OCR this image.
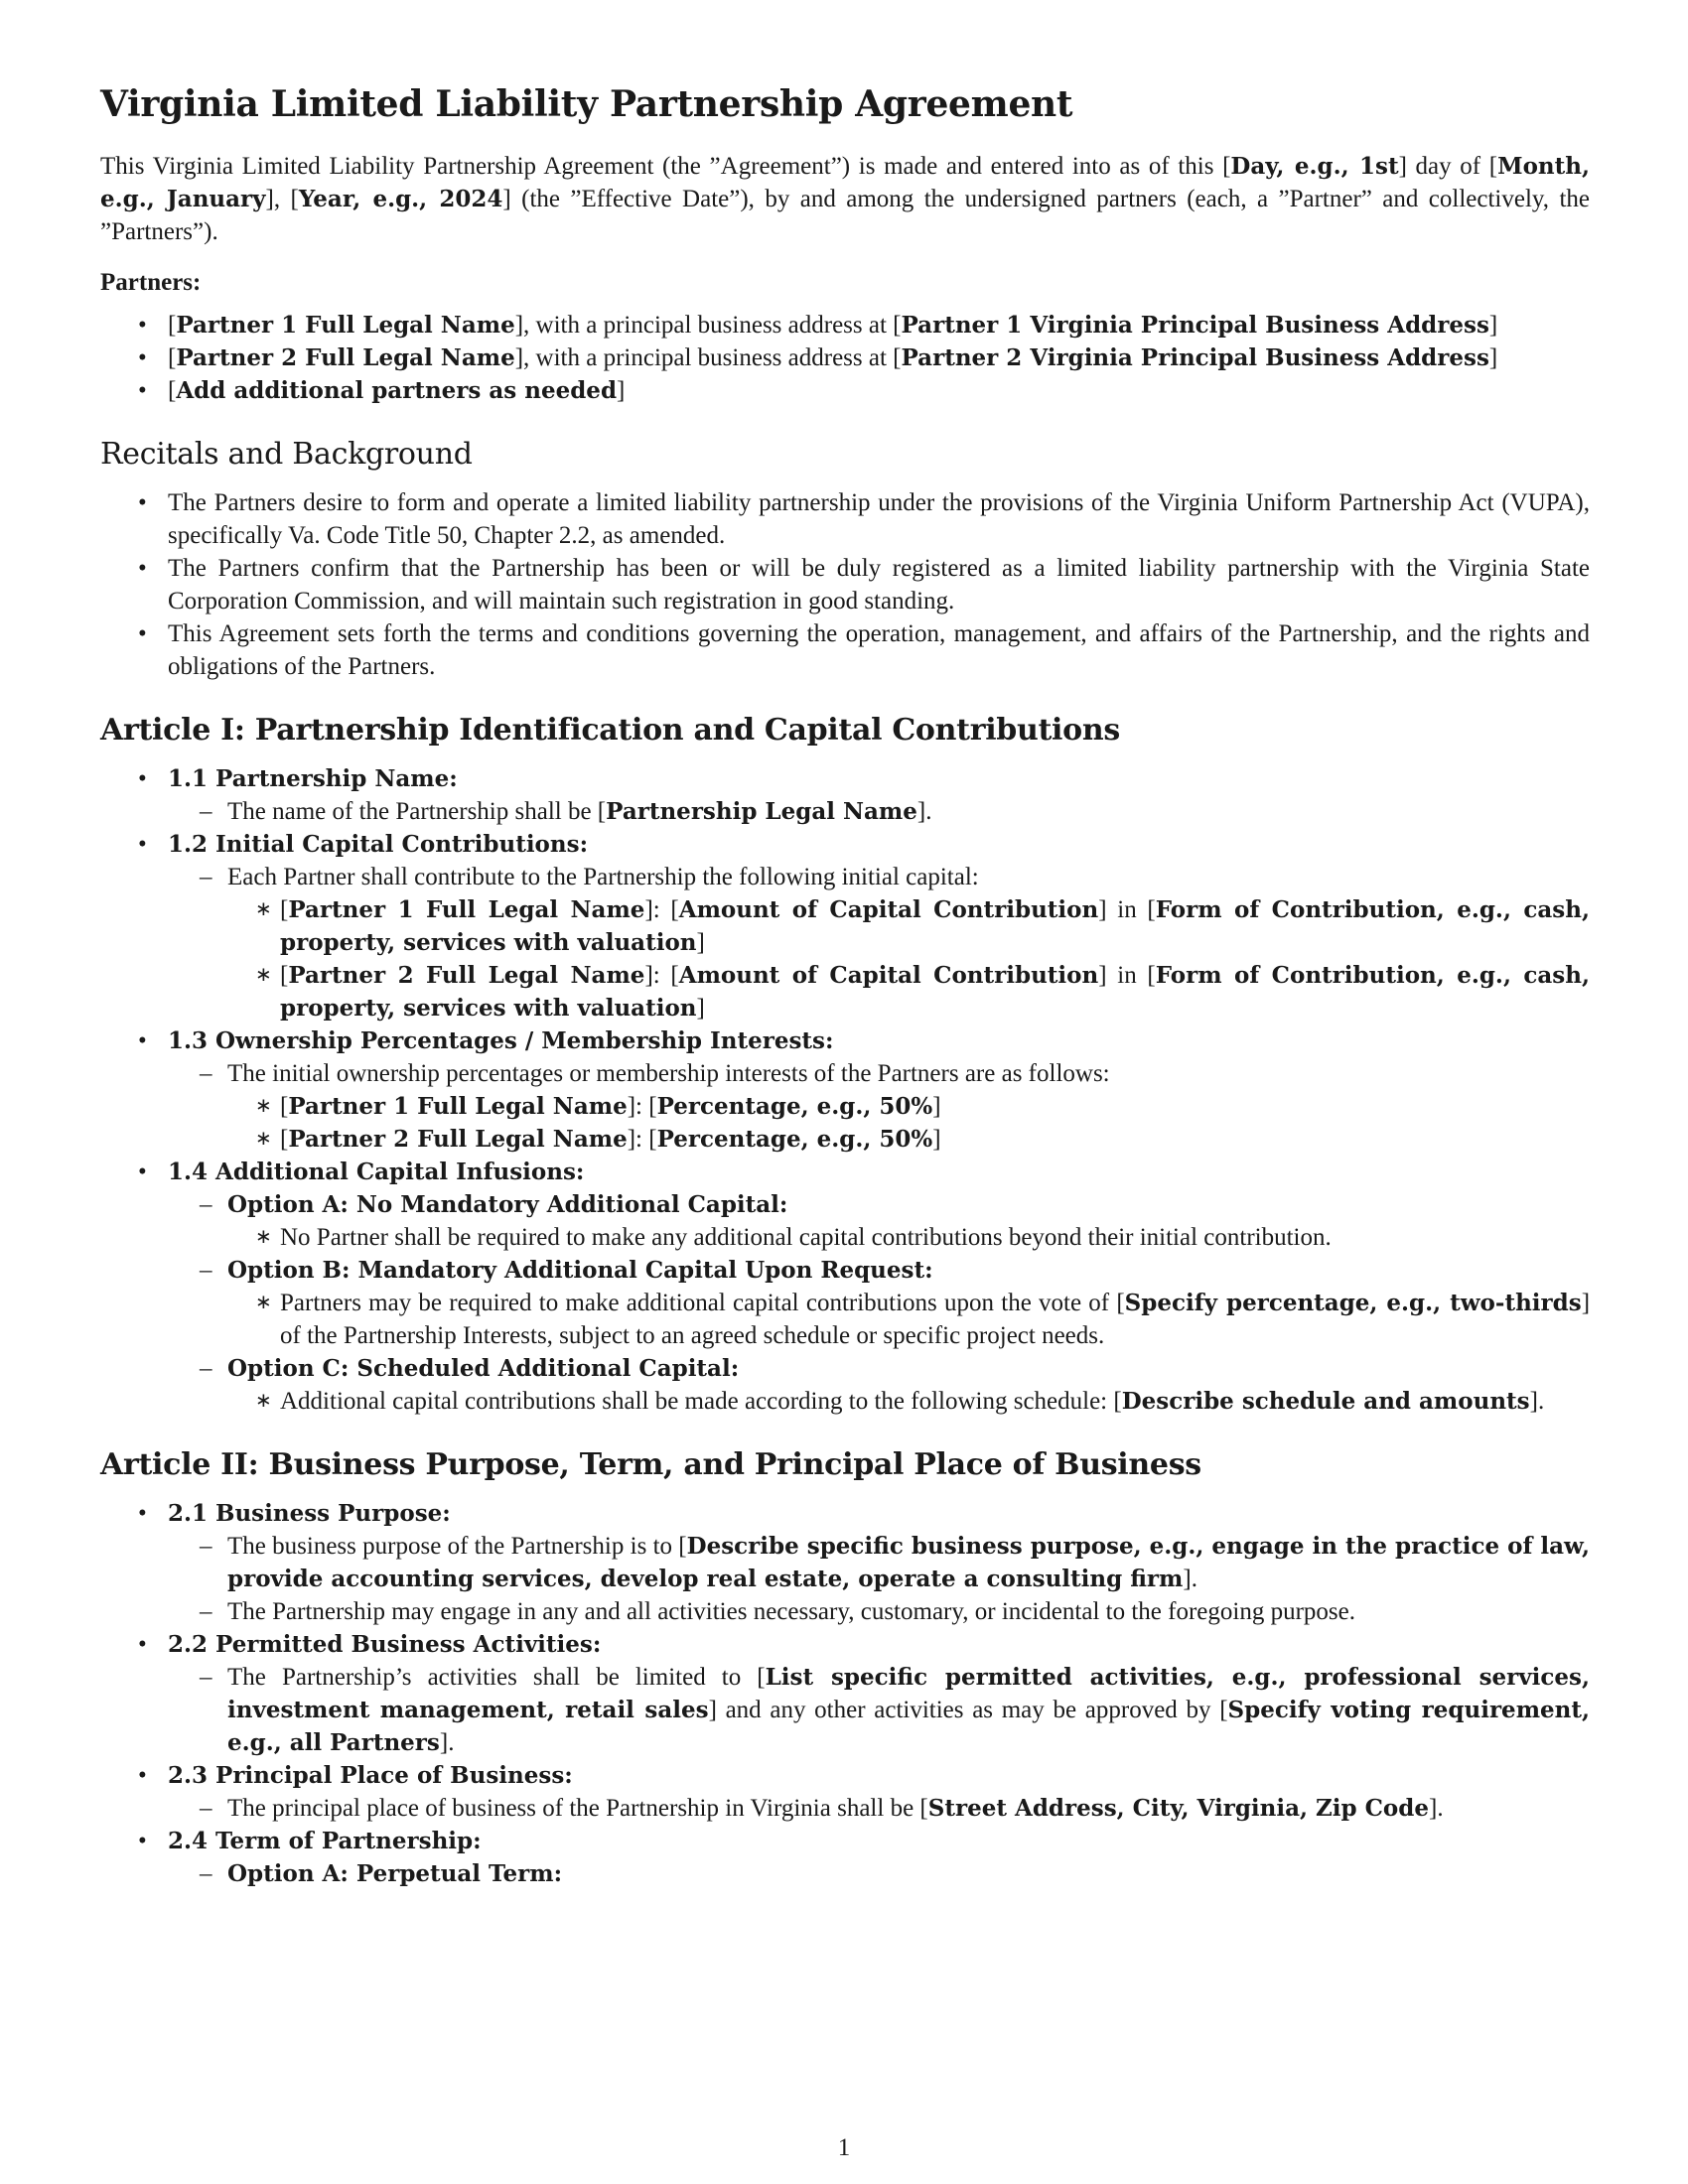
Virginia Limited Liability Partnership Agreement

This Virginia Limited Liability Partnership Agreement (the ”Agreement”) is made and entered into as of this [Day, e.g., 1st] day of [Month, e.g., January], [Year, e.g., 2024] (the ”Effective Date”), by and among the undersigned partners (each, a ”Partner” and collectively, the ”Partners”).

Partners:
• [Partner 1 Full Legal Name], with a principal business address at [Partner 1 Virginia Principal Business Address]
• [Partner 2 Full Legal Name], with a principal business address at [Partner 2 Virginia Principal Business Address]
• [Add additional partners as needed]
Recitals and Background
• The Partners desire to form and operate a limited liability partnership under the provisions of the Virginia Uniform Partnership Act (VUPA), specifically Va. Code Title 50, Chapter 2.2, as amended.
• The Partners confirm that the Partnership has been or will be duly registered as a limited liability partnership with the Virginia State Corporation Commission, and will maintain such registration in good standing.
• This Agreement sets forth the terms and conditions governing the operation, management, and affairs of the Partnership, and the rights and obligations of the Partners.
Article I: Partnership Identification and Capital Contributions
• 1.1 Partnership Name:
– The name of the Partnership shall be [Partnership Legal Name].
• 1.2 Initial Capital Contributions:
– Each Partner shall contribute to the Partnership the following initial capital:
∗ [Partner 1 Full Legal Name]: [Amount of Capital Contribution] in [Form of Contribution, e.g., cash, property, services with valuation]
∗ [Partner 2 Full Legal Name]: [Amount of Capital Contribution] in [Form of Contribution, e.g., cash, property, services with valuation]
• 1.3 Ownership Percentages / Membership Interests:
– The initial ownership percentages or membership interests of the Partners are as follows:
∗ [Partner 1 Full Legal Name]: [Percentage, e.g., 50%]
∗ [Partner 2 Full Legal Name]: [Percentage, e.g., 50%]
• 1.4 Additional Capital Infusions:
– Option A: No Mandatory Additional Capital:
∗ No Partner shall be required to make any additional capital contributions beyond their initial contribution.
– Option B: Mandatory Additional Capital Upon Request:
∗ Partners may be required to make additional capital contributions upon the vote of [Specify percentage, e.g., two-thirds] of the Partnership Interests, subject to an agreed schedule or specific project needs.
– Option C: Scheduled Additional Capital:
∗ Additional capital contributions shall be made according to the following schedule: [Describe schedule and amounts].
Article II: Business Purpose, Term, and Principal Place of Business
• 2.1 Business Purpose:
– The business purpose of the Partnership is to [Describe specific business purpose, e.g., engage in the practice of law, provide accounting services, develop real estate, operate a consulting firm].
– The Partnership may engage in any and all activities necessary, customary, or incidental to the foregoing purpose.
• 2.2 Permitted Business Activities:
– The Partnership’s activities shall be limited to [List specific permitted activities, e.g., professional services, investment management, retail sales] and any other activities as may be approved by [Specify voting requirement, e.g., all Partners].
• 2.3 Principal Place of Business:
– The principal place of business of the Partnership in Virginia shall be [Street Address, City, Virginia, Zip Code].
• 2.4 Term of Partnership:
– Option A: Perpetual Term:
1
